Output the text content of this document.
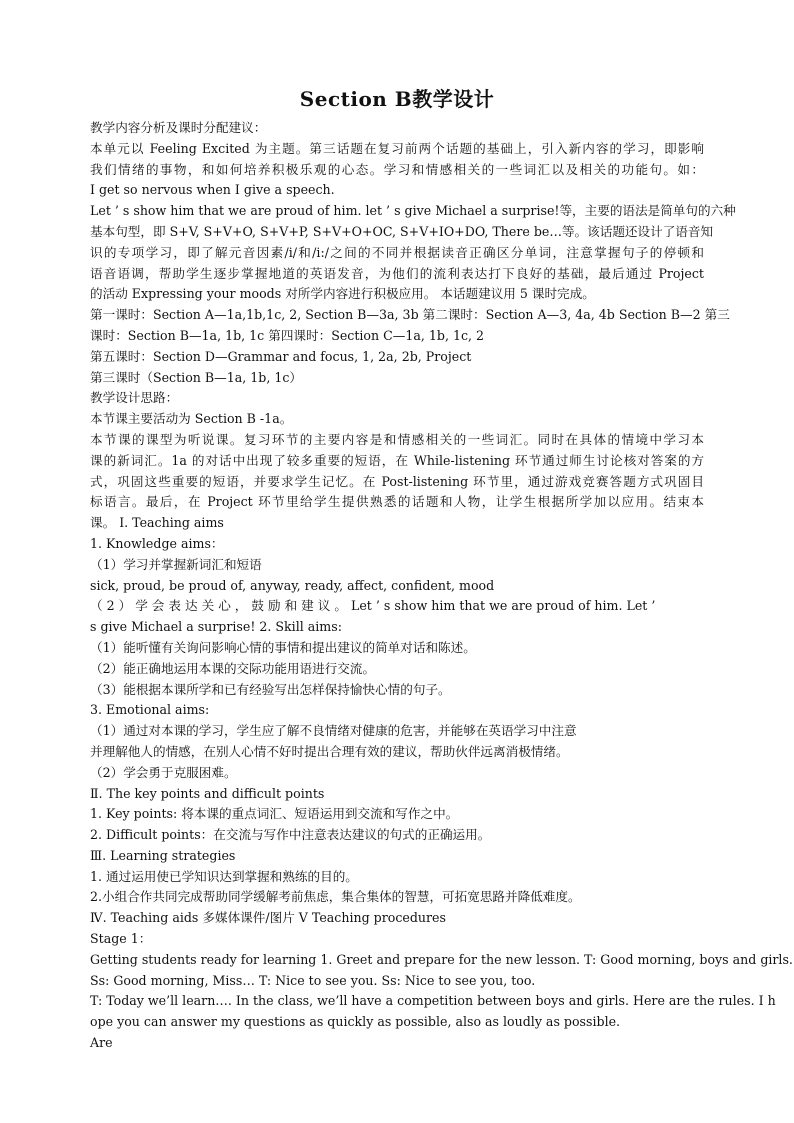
Section B教学设计

教学内容分析及课时分配建议：

本单元以 Feeling Excited 为主题。第三话题在复习前两个话题的基础上，引入新内容的学习，即影响

我们情绪的事物，和如何培养积极乐观的心态。学习和情感相关的一些词汇以及相关的功能句。如：

I get so nervous when I give a speech.

Let ’ s show him that we are proud of him. let ’ s give Michael a surprise!等，主要的语法是简单句的六种

基本句型，即 S+V, S+V+O, S+V+P, S+V+O+OC, S+V+IO+DO, There be…等。该话题还设计了语音知

识的专项学习，即了解元音因素/i/和/i:/之间的不同并根据读音正确区分单词，注意掌握句子的停顿和

语音语调，帮助学生逐步掌握地道的英语发音，为他们的流利表达打下良好的基础，最后通过 Project

的活动 Expressing your moods 对所学内容进行积极应用。 本话题建议用 5 课时完成。

第一课时：Section A—1a,1b,1c, 2, Section B—3a, 3b 第二课时：Section A—3, 4a, 4b Section B—2 第三

课时：Section B—1a, 1b, 1c 第四课时：Section C—1a, 1b, 1c, 2

第五课时：Section D—Grammar and focus, 1, 2a, 2b, Project

第三课时（Section B—1a, 1b, 1c）

教学设计思路：

本节课主要活动为 Section B -1a。

本节课的课型为听说课。复习环节的主要内容是和情感相关的一些词汇。同时在具体的情境中学习本

课的新词汇。1a 的对话中出现了较多重要的短语，在 While-listening 环节通过师生讨论核对答案的方

式，巩固这些重要的短语，并要求学生记忆。在 Post-listening 环节里，通过游戏竞赛答题方式巩固目

标语言。最后，在 Project 环节里给学生提供熟悉的话题和人物，让学生根据所学加以应用。结束本

课。 Ⅰ. Teaching aims

1. Knowledge aims：

（1）学习并掌握新词汇和短语

sick, proud, be proud of, anyway, ready, affect, confident, mood

（ 2 ） 学 会 表 达 关 心 ， 鼓 励 和 建 议 。 Let ’ s show him that we are proud of him. Let ’

s give Michael a surprise! 2. Skill aims:

（1）能听懂有关询问影响心情的事情和提出建议的简单对话和陈述。

（2）能正确地运用本课的交际功能用语进行交流。

（3）能根据本课所学和已有经验写出怎样保持愉快心情的句子。

3. Emotional aims:

（1）通过对本课的学习，学生应了解不良情绪对健康的危害，并能够在英语学习中注意

并理解他人的情感，在别人心情不好时提出合理有效的建议，帮助伙伴远离消极情绪。

（2）学会勇于克服困难。

Ⅱ. The key points and difficult points

1. Key points: 将本课的重点词汇、短语运用到交流和写作之中。

2. Difficult points：在交流与写作中注意表达建议的句式的正确运用。

Ⅲ. Learning strategies

1. 通过运用使已学知识达到掌握和熟练的目的。

2.小组合作共同完成帮助同学缓解考前焦虑，集合集体的智慧，可拓宽思路并降低难度。

Ⅳ. Teaching aids 多媒体课件/图片 Ⅴ Teaching procedures

Stage 1：

Getting students ready for learning 1. Greet and prepare for the new lesson. T: Good morning, boys and girls.

Ss: Good morning, Miss… T: Nice to see you. Ss: Nice to see you, too.

T: Today we’ll learn…. In the class, we’ll have a competition between boys and girls. Here are the rules. I h

ope you can answer my questions as quickly as possible, also as loudly as possible.

Are
